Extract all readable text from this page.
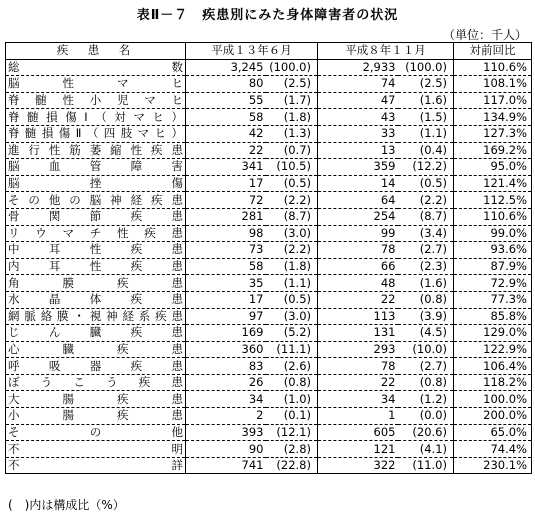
表Ⅱ－７　疾患別にみた身体障害者の状況
（単位：千人）
疾　患　名	平成１３年６月		平成８年１１月		対前回比
総　　　数	3,245	(100.0)	2,933	(100.0)	110.6%
脳性マヒ	80	(2.5)	74	(2.5)	108.1%
脊髄性小児マヒ	55	(1.7)	47	(1.6)	117.0%
脊髄損傷Ⅰ（対マヒ）	58	(1.8)	43	(1.5)	134.9%
脊髄損傷Ⅱ（四肢マヒ）	42	(1.3)	33	(1.1)	127.3%
進行性筋萎縮性疾患	22	(0.7)	13	(0.4)	169.2%
脳血管障害	341	(10.5)	359	(12.2)	95.0%
脳挫傷	17	(0.5)	14	(0.5)	121.4%
その他の脳神経疾患	72	(2.2)	64	(2.2)	112.5%
骨関節疾患	281	(8.7)	254	(8.7)	110.6%
リウマチ性疾患	98	(3.0)	99	(3.4)	99.0%
中耳性疾患	73	(2.2)	78	(2.7)	93.6%
内耳性疾患	58	(1.8)	66	(2.3)	87.9%
角膜疾患	35	(1.1)	48	(1.6)	72.9%
水晶体疾患	17	(0.5)	22	(0.8)	77.3%
網脈絡膜・視神経系疾患	97	(3.0)	113	(3.9)	85.8%
じん臓疾患	169	(5.2)	131	(4.5)	129.0%
心臓疾患	360	(11.1)	293	(10.0)	122.9%
呼吸器疾患	83	(2.6)	78	(2.7)	106.4%
ぼうこう疾患	26	(0.8)	22	(0.8)	118.2%
大腸疾患	34	(1.0)	34	(1.2)	100.0%
小腸疾患	2	(0.1)	1	(0.0)	200.0%
その他	393	(12.1)	605	(20.6)	65.0%
不明	90	(2.8)	121	(4.1)	74.4%
不詳	741	(22.8)	322	(11.0)	230.1%
(　)内は構成比（%）
